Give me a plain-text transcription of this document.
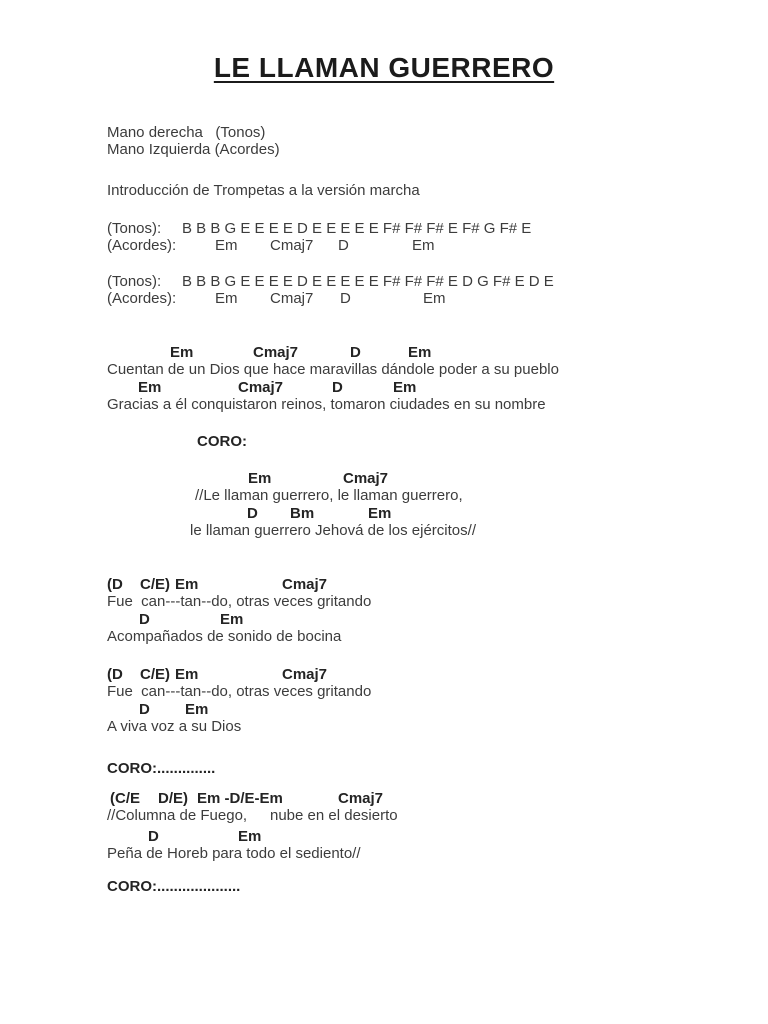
LE LLAMAN GUERRERO
Mano derecha   (Tonos)
Mano Izquierda (Acordes)
Introducción de Trompetas a la versión marcha
(Tonos): B B B G E E E E D E E E E E F# F# F# E F# G F# E
(Acordes):	Em Cmaj7 D	Em
(Tonos): B B B G E E E E D E E E E E F# F# F# E D G F# E D E
(Acordes):	Em Cmaj7 D	Em
Em	Cmaj7	D	Em
Cuentan de un Dios que hace maravillas dándole poder a su pueblo
Em	Cmaj7	D	Em
Gracias a él conquistaron reinos, tomaron ciudades en su nombre
CORO:
Em	Cmaj7
//Le llaman guerrero, le llaman guerrero,
D Bm	Em
le llaman guerrero Jehová de los ejércitos//
(D C/E) Em	Cmaj7
Fue  can---tan--do, otras veces gritando
D	Em
Acompañados de sonido de bocina
(D C/E) Em	Cmaj7
Fue  can---tan--do, otras veces gritando
D Em
A viva voz a su Dios
CORO:..............
(C/E D/E) Em -D/E-Em	Cmaj7
//Columna de Fuego, nube en el desierto
D	Em
Peña de Horeb para todo el sediento//
CORO:....................
